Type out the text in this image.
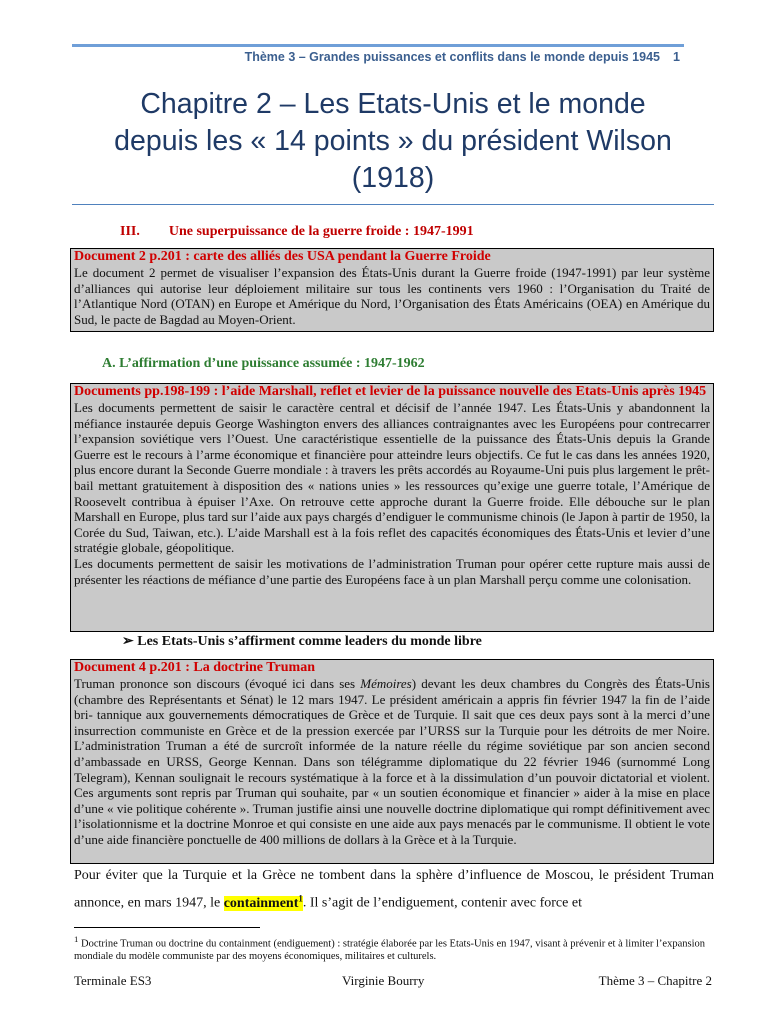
Thème 3 – Grandes puissances et conflits dans le monde depuis 1945 1
Chapitre 2 – Les Etats-Unis et le monde
depuis les « 14 points » du président Wilson
(1918)
III. Une superpuissance de la guerre froide : 1947-1991
Document 2 p.201 : carte des alliés des USA pendant la Guerre Froide

Le document 2 permet de visualiser l’expansion des États-Unis durant la Guerre froide (1947-1991) par leur système d’alliances qui autorise leur déploiement militaire sur tous les continents vers 1960 : l’Organisation du Traité de l’Atlantique Nord (OTAN) en Europe et Amérique du Nord, l’Organisation des États Américains (OEA) en Amérique du Sud, le pacte de Bagdad au Moyen-Orient.

A. L’affirmation d’une puissance assumée : 1947-1962
Documents pp.198-199 : l’aide Marshall, reflet et levier de la puissance nouvelle des Etats-Unis après 1945

Les documents permettent de saisir le caractère central et décisif de l’année 1947. Les États-Unis y abandonnent la méfiance instaurée depuis George Washington envers des alliances contraignantes avec les Européens pour contrecarrer l’expansion soviétique vers l’Ouest. Une caractéristique essentielle de la puissance des États-Unis depuis la Grande Guerre est le recours à l’arme économique et financière pour atteindre leurs objectifs. Ce fut le cas dans les années 1920, plus encore durant la Seconde Guerre mondiale : à travers les prêts accordés au Royaume-Uni puis plus largement le prêt-bail mettant gratuitement à disposition des « nations unies » les ressources qu’exige une guerre totale, l’Amérique de Roosevelt contribua à épuiser l’Axe. On retrouve cette approche durant la Guerre froide. Elle débouche sur le plan Marshall en Europe, plus tard sur l’aide aux pays chargés d’endiguer le communisme chinois (le Japon à partir de 1950, la Corée du Sud, Taiwan, etc.). L’aide Marshall est à la fois reflet des capacités économiques des États-Unis et levier d’une stratégie globale, géopolitique.

Les documents permettent de saisir les motivations de l’administration Truman pour opérer cette rupture mais aussi de présenter les réactions de méfiance d’une partie des Européens face à un plan Marshall perçu comme une colonisation.

➢ Les Etats-Unis s’affirment comme leaders du monde libre
Document 4 p.201 : La doctrine Truman

Truman prononce son discours (évoqué ici dans ses Mémoires) devant les deux chambres du Congrès des États-Unis (chambre des Représentants et Sénat) le 12 mars 1947. Le président américain a appris fin février 1947 la fin de l’aide bri- tannique aux gouvernements démocratiques de Grèce et de Turquie. Il sait que ces deux pays sont à la merci d’une insurrection communiste en Grèce et de la pression exercée par l’URSS sur la Turquie pour les détroits de mer Noire. L’administration Truman a été de surcroît informée de la nature réelle du régime soviétique par son ancien second d’ambassade en URSS, George Kennan. Dans son télégramme diplomatique du 22 février 1946 (surnommé Long Telegram), Kennan soulignait le recours systématique à la force et à la dissimulation d’un pouvoir dictatorial et violent. Ces arguments sont repris par Truman qui souhaite, par « un soutien économique et financier » aider à la mise en place d’une « vie politique cohérente ». Truman justifie ainsi une nouvelle doctrine diplomatique qui rompt définitivement avec l’isolationnisme et la doctrine Monroe et qui consiste en une aide aux pays menacés par le communisme. Il obtient le vote d’une aide financière ponctuelle de 400 millions de dollars à la Grèce et à la Turquie.

Pour éviter que la Turquie et la Grèce ne tombent dans la sphère d’influence de Moscou, le président Truman annonce, en mars 1947, le containment$^1$. Il s’agit de l’endiguement, contenir avec force et
$^1$ Doctrine Truman ou doctrine du containment (endiguement) : stratégie élaborée par les Etats-Unis en 1947, visant à prévenir et à limiter l’expansion mondiale du modèle communiste par des moyens économiques, militaires et culturels.
Terminale ES3	Virginie Bourry	Thème 3 – Chapitre 2
